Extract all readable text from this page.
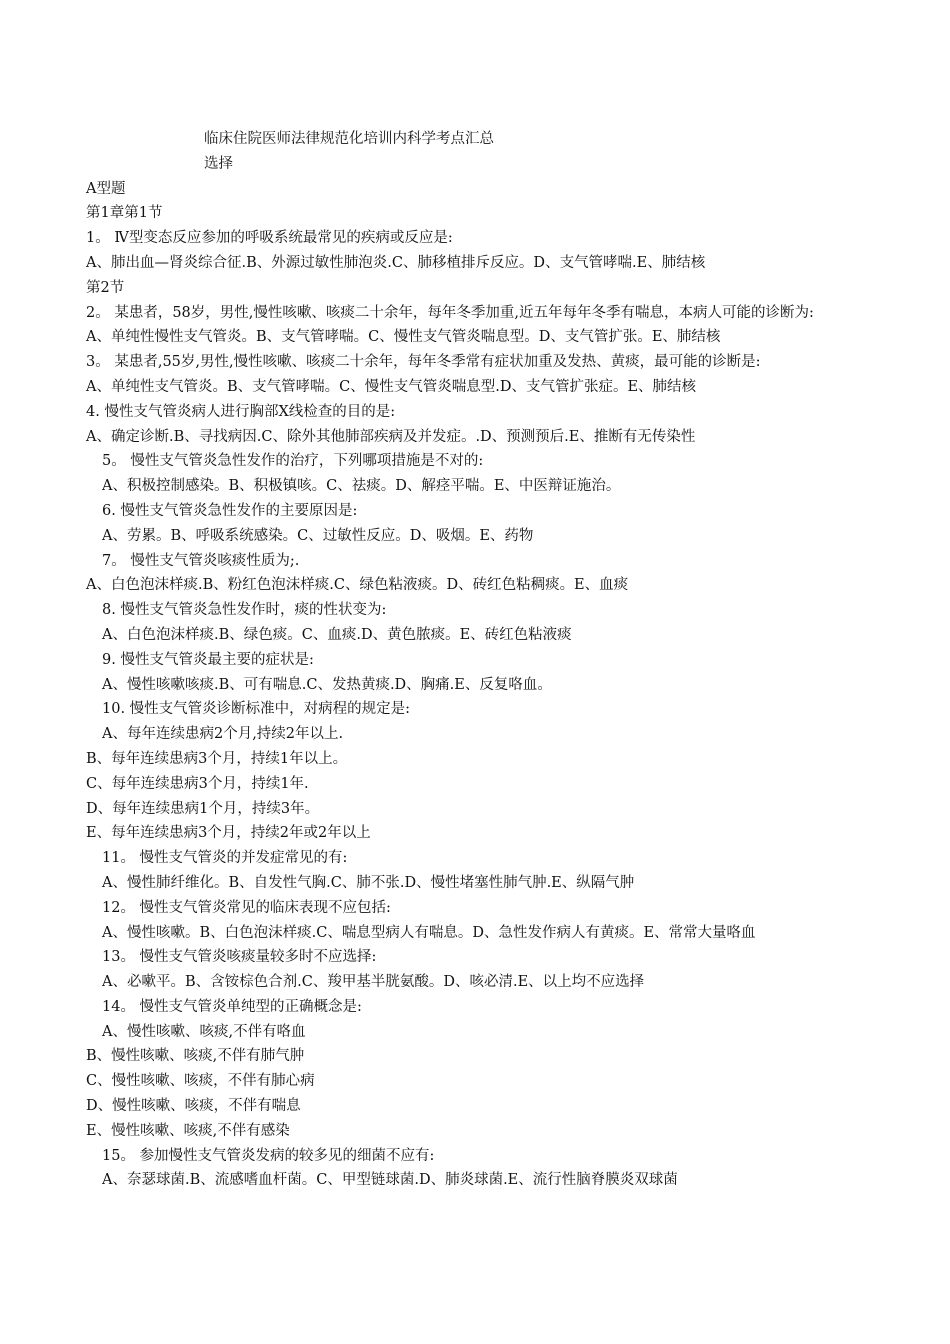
临床住院医师法律规范化培训内科学考点汇总
选择
A型题
第1章第1节
1。 Ⅳ型变态反应参加的呼吸系统最常见的疾病或反应是:
A、肺出血—肾炎综合征.B、外源过敏性肺泡炎.C、肺移植排斥反应。D、支气管哮喘.E、肺结核
第2节
2。 某患者，58岁，男性,慢性咳嗽、咳痰二十余年，每年冬季加重,近五年每年冬季有喘息，本病人可能的诊断为:
A、单纯性慢性支气管炎。B、支气管哮喘。C、慢性支气管炎喘息型。D、支气管扩张。E、肺结核
3。 某患者,55岁,男性,慢性咳嗽、咳痰二十余年，每年冬季常有症状加重及发热、黄痰，最可能的诊断是:
A、单纯性支气管炎。B、支气管哮喘。C、慢性支气管炎喘息型.D、支气管扩张症。E、肺结核
4. 慢性支气管炎病人进行胸部X线检查的目的是:
A、确定诊断.B、寻找病因.C、除外其他肺部疾病及并发症。.D、预测预后.E、推断有无传染性
5。 慢性支气管炎急性发作的治疗，下列哪项措施是不对的:
A、积极控制感染。B、积极镇咳。C、祛痰。D、解痉平喘。E、中医辩证施治。
6. 慢性支气管炎急性发作的主要原因是:
A、劳累。B、呼吸系统感染。C、过敏性反应。D、吸烟。E、药物
7。 慢性支气管炎咳痰性质为;.
A、白色泡沫样痰.B、粉红色泡沫样痰.C、绿色粘液痰。D、砖红色粘稠痰。E、血痰
8. 慢性支气管炎急性发作时，痰的性状变为:
A、白色泡沫样痰.B、绿色痰。C、血痰.D、黄色脓痰。E、砖红色粘液痰
9. 慢性支气管炎最主要的症状是:
A、慢性咳嗽咳痰.B、可有喘息.C、发热黄痰.D、胸痛.E、反复咯血。
10. 慢性支气管炎诊断标准中，对病程的规定是:
A、每年连续患病2个月,持续2年以上.
B、每年连续患病3个月，持续1年以上。
C、每年连续患病3个月，持续1年.
D、每年连续患病1个月，持续3年。
E、每年连续患病3个月，持续2年或2年以上
11。 慢性支气管炎的并发症常见的有:
A、慢性肺纤维化。B、自发性气胸.C、肺不张.D、慢性堵塞性肺气肿.E、纵隔气肿
12。 慢性支气管炎常见的临床表现不应包括:
A、慢性咳嗽。B、白色泡沫样痰.C、喘息型病人有喘息。D、急性发作病人有黄痰。E、常常大量咯血
13。 慢性支气管炎咳痰量较多时不应选择:
A、必嗽平。B、含铵棕色合剂.C、羧甲基半胱氨酸。D、咳必清.E、以上均不应选择
14。 慢性支气管炎单纯型的正确概念是:
A、慢性咳嗽、咳痰,不伴有咯血
B、慢性咳嗽、咳痰,不伴有肺气肿
C、慢性咳嗽、咳痰，不伴有肺心病
D、慢性咳嗽、咳痰，不伴有喘息
E、慢性咳嗽、咳痰,不伴有感染
15。 参加慢性支气管炎发病的较多见的细菌不应有:
A、奈瑟球菌.B、流感嗜血杆菌。C、甲型链球菌.D、肺炎球菌.E、流行性脑脊膜炎双球菌
